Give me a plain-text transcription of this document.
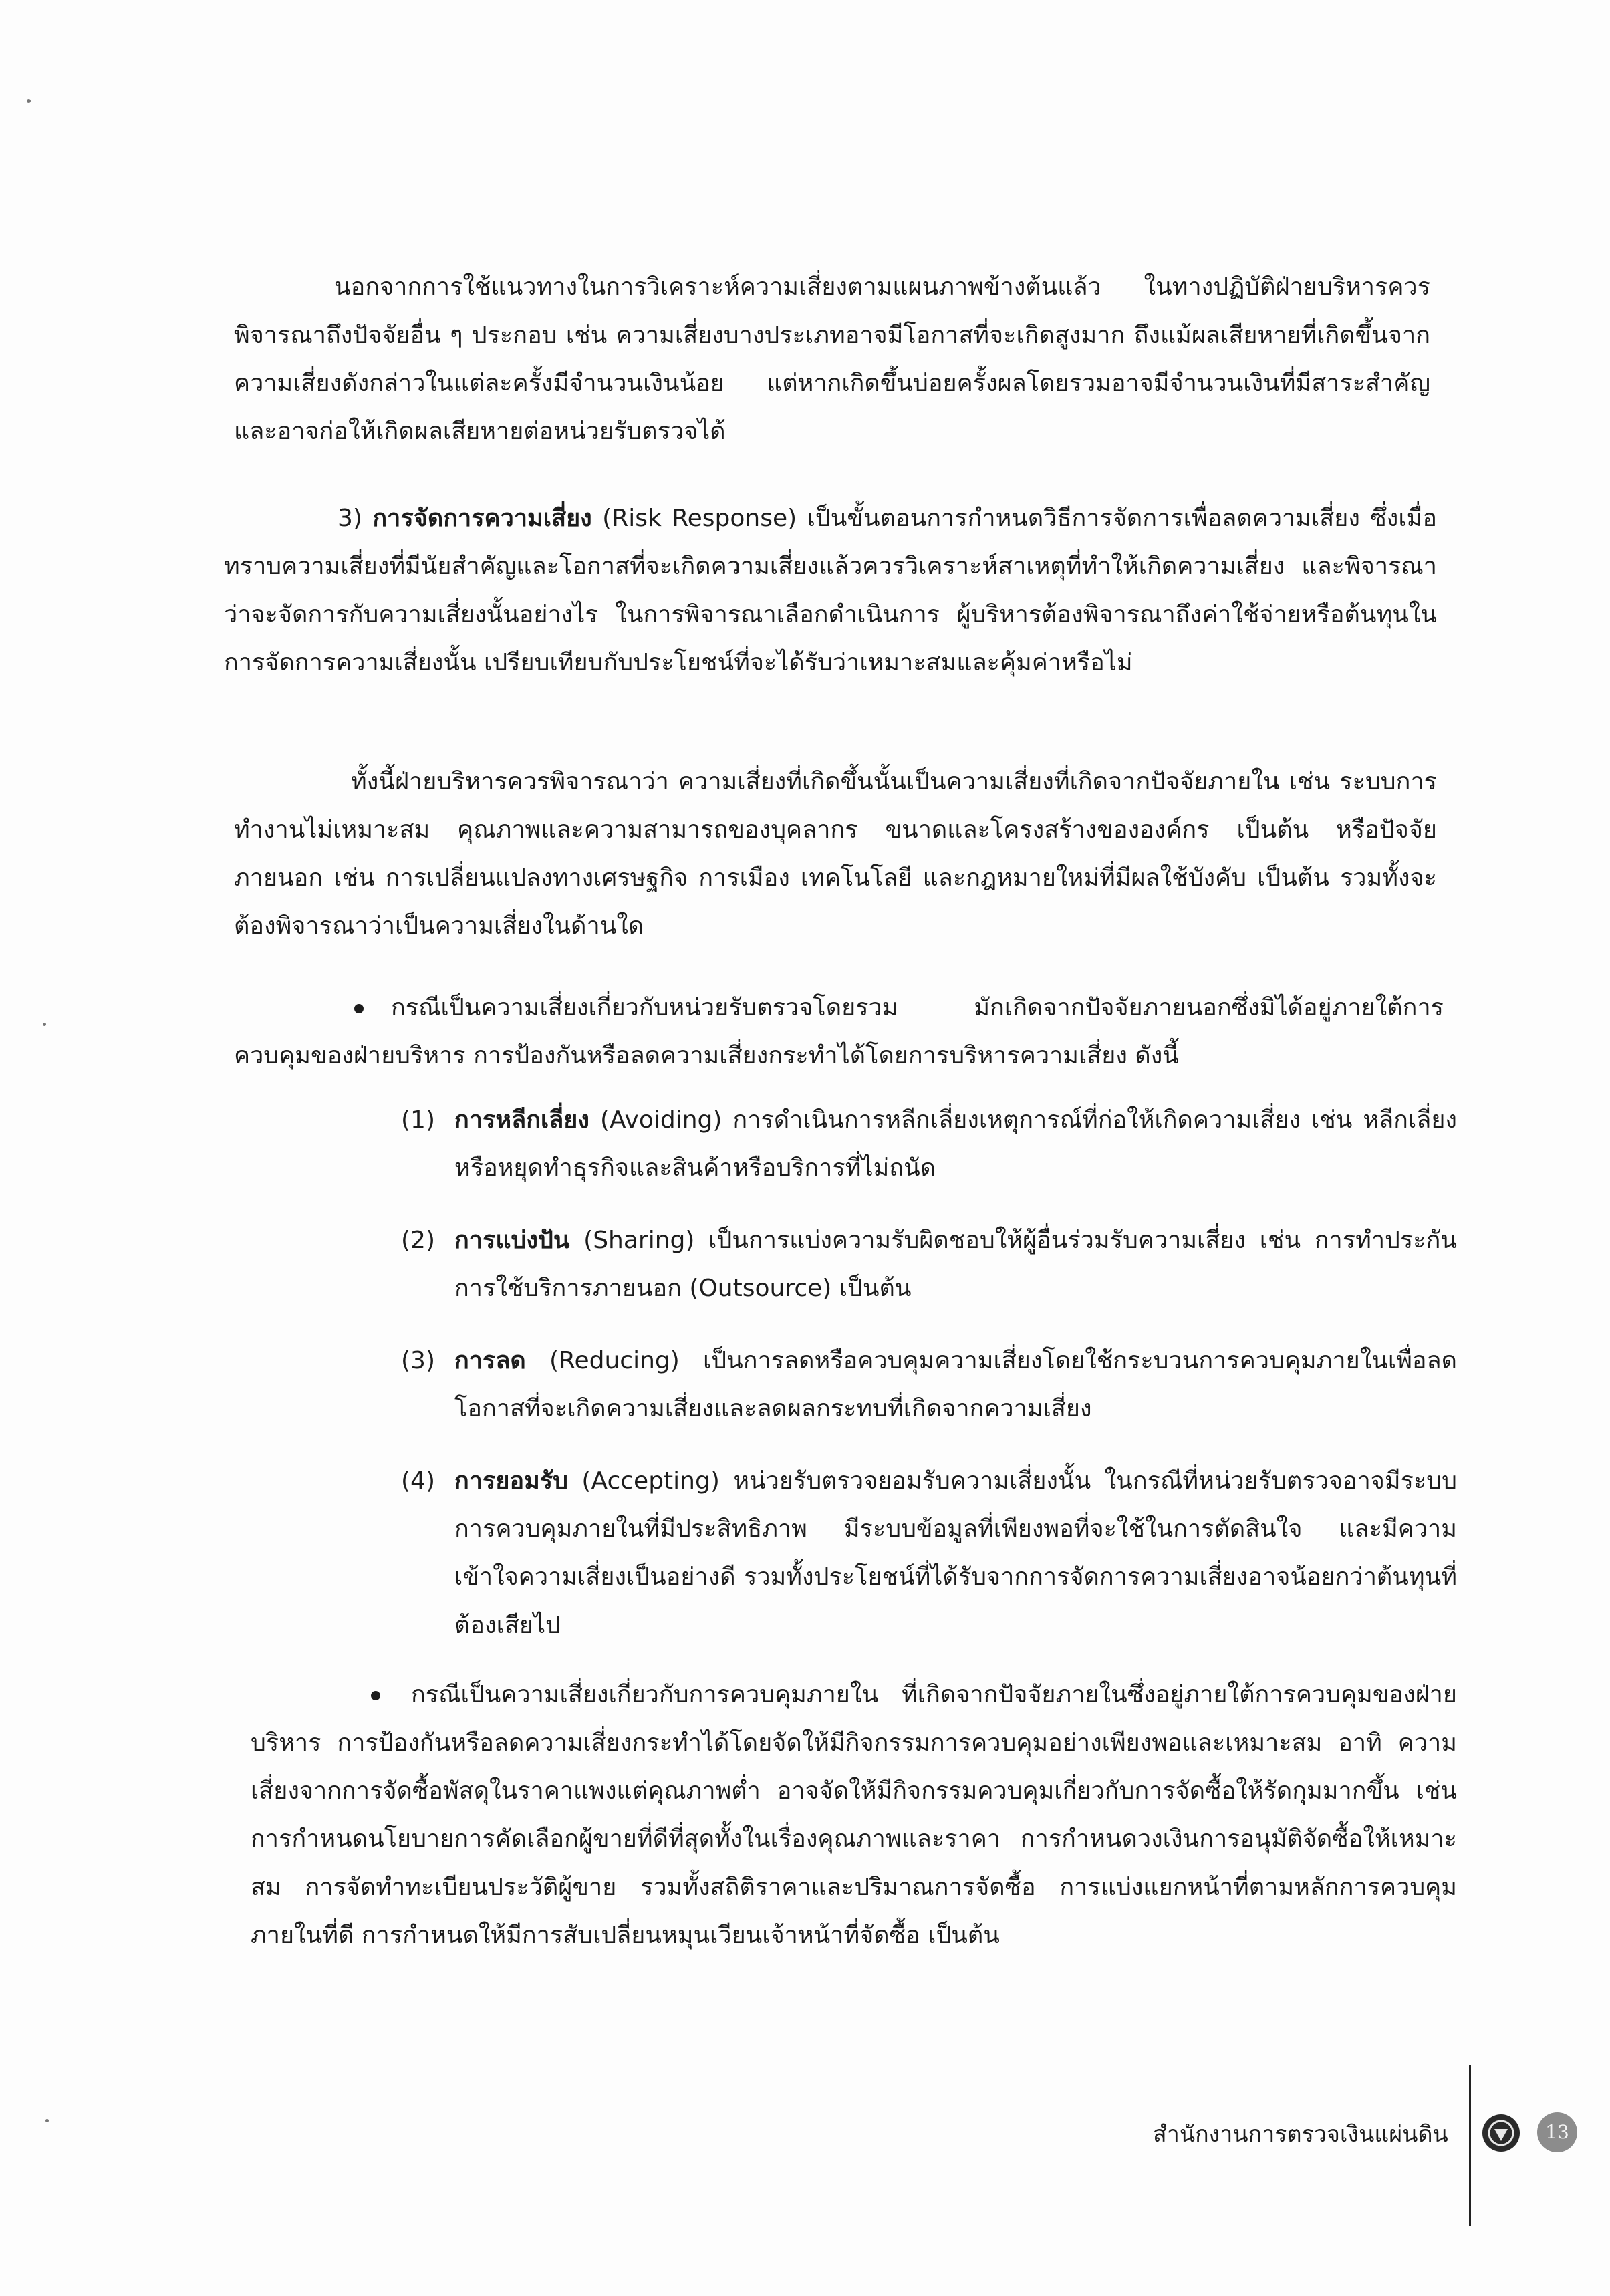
นอกจากการใช้แนวทางในการวิเคราะห์ความเสี่ยงตามแผนภาพข้างต้นแล้ว ในทางปฏิบัติฝ่ายบริหารควรพิจารณาถึงปัจจัยอื่น ๆ ประกอบ เช่น ความเสี่ยงบางประเภทอาจมีโอกาสที่จะเกิดสูงมาก ถึงแม้ผลเสียหายที่เกิดขึ้นจากความเสี่ยงดังกล่าวในแต่ละครั้งมีจำนวนเงินน้อย แต่หากเกิดขึ้นบ่อยครั้งผลโดยรวมอาจมีจำนวนเงินที่มีสาระสำคัญและอาจก่อให้เกิดผลเสียหายต่อหน่วยรับตรวจได้

3) การจัดการความเสี่ยง (Risk Response) เป็นขั้นตอนการกำหนดวิธีการจัดการเพื่อลดความเสี่ยง ซึ่งเมื่อทราบความเสี่ยงที่มีนัยสำคัญและโอกาสที่จะเกิดความเสี่ยงแล้วควรวิเคราะห์สาเหตุที่ทำให้เกิดความเสี่ยง และพิจารณาว่าจะจัดการกับความเสี่ยงนั้นอย่างไร ในการพิจารณาเลือกดำเนินการ ผู้บริหารต้องพิจารณาถึงค่าใช้จ่ายหรือต้นทุนในการจัดการความเสี่ยงนั้น เปรียบเทียบกับประโยชน์ที่จะได้รับว่าเหมาะสมและคุ้มค่าหรือไม่

ทั้งนี้ฝ่ายบริหารควรพิจารณาว่า ความเสี่ยงที่เกิดขึ้นนั้นเป็นความเสี่ยงที่เกิดจากปัจจัยภายใน เช่น ระบบการทำงานไม่เหมาะสม คุณภาพและความสามารถของบุคลากร ขนาดและโครงสร้างขององค์กร เป็นต้น หรือปัจจัยภายนอก เช่น การเปลี่ยนแปลงทางเศรษฐกิจ การเมือง เทคโนโลยี และกฎหมายใหม่ที่มีผลใช้บังคับ เป็นต้น รวมทั้งจะต้องพิจารณาว่าเป็นความเสี่ยงในด้านใด

กรณีเป็นความเสี่ยงเกี่ยวกับหน่วยรับตรวจโดยรวม มักเกิดจากปัจจัยภายนอกซึ่งมิได้อยู่ภายใต้การควบคุมของฝ่ายบริหาร การป้องกันหรือลดความเสี่ยงกระทำได้โดยการบริหารความเสี่ยง ดังนี้
(1) การหลีกเลี่ยง (Avoiding) การดำเนินการหลีกเลี่ยงเหตุการณ์ที่ก่อให้เกิดความเสี่ยง เช่น หลีกเลี่ยงหรือหยุดทำธุรกิจและสินค้าหรือบริการที่ไม่ถนัด
(2) การแบ่งปัน (Sharing) เป็นการแบ่งความรับผิดชอบให้ผู้อื่นร่วมรับความเสี่ยง เช่น การทำประกัน การใช้บริการภายนอก (Outsource) เป็นต้น
(3) การลด (Reducing) เป็นการลดหรือควบคุมความเสี่ยงโดยใช้กระบวนการควบคุมภายในเพื่อลดโอกาสที่จะเกิดความเสี่ยงและลดผลกระทบที่เกิดจากความเสี่ยง
(4) การยอมรับ (Accepting) หน่วยรับตรวจยอมรับความเสี่ยงนั้น ในกรณีที่หน่วยรับตรวจอาจมีระบบการควบคุมภายในที่มีประสิทธิภาพ มีระบบข้อมูลที่เพียงพอที่จะใช้ในการตัดสินใจ และมีความเข้าใจความเสี่ยงเป็นอย่างดี รวมทั้งประโยชน์ที่ได้รับจากการจัดการความเสี่ยงอาจน้อยกว่าต้นทุนที่ต้องเสียไป
กรณีเป็นความเสี่ยงเกี่ยวกับการควบคุมภายใน ที่เกิดจากปัจจัยภายในซึ่งอยู่ภายใต้การควบคุมของฝ่ายบริหาร การป้องกันหรือลดความเสี่ยงกระทำได้โดยจัดให้มีกิจกรรมการควบคุมอย่างเพียงพอและเหมาะสม อาทิ ความเสี่ยงจากการจัดซื้อพัสดุในราคาแพงแต่คุณภาพต่ำ อาจจัดให้มีกิจกรรมควบคุมเกี่ยวกับการจัดซื้อให้รัดกุมมากขึ้น เช่น การกำหนดนโยบายการคัดเลือกผู้ขายที่ดีที่สุดทั้งในเรื่องคุณภาพและราคา การกำหนดวงเงินการอนุมัติจัดซื้อให้เหมาะสม การจัดทำทะเบียนประวัติผู้ขาย รวมทั้งสถิติราคาและปริมาณการจัดซื้อ การแบ่งแยกหน้าที่ตามหลักการควบคุมภายในที่ดี การกำหนดให้มีการสับเปลี่ยนหมุนเวียนเจ้าหน้าที่จัดซื้อ เป็นต้น
สำนักงานการตรวจเงินแผ่นดิน	13
